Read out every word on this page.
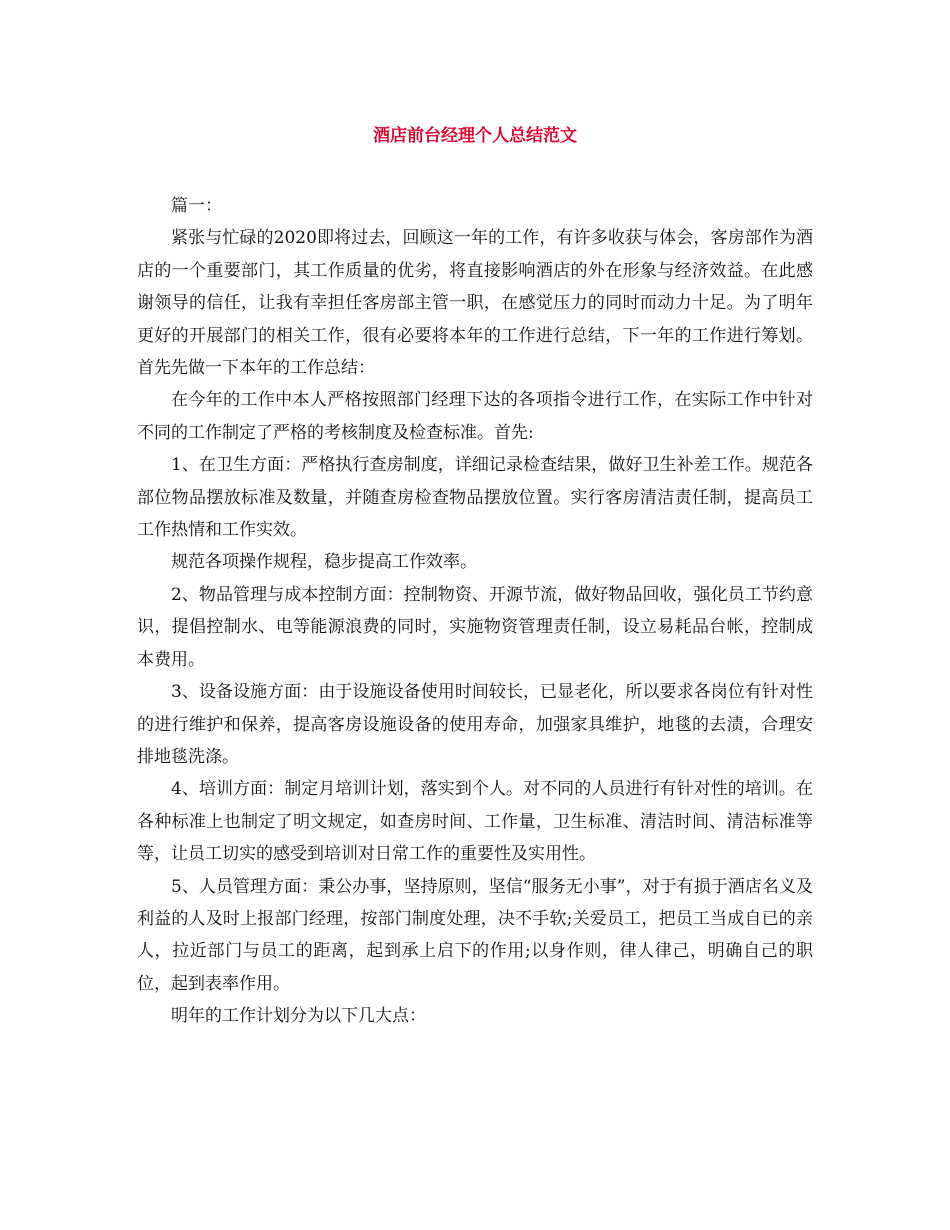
酒店前台经理个人总结范文

篇一：

紧张与忙碌的2020即将过去，回顾这一年的工作，有许多收获与体会，客房部作为酒店的一个重要部门，其工作质量的优劣，将直接影响酒店的外在形象与经济效益。在此感谢领导的信任，让我有幸担任客房部主管一职，在感觉压力的同时而动力十足。为了明年更好的开展部门的相关工作，很有必要将本年的工作进行总结，下一年的工作进行筹划。首先先做一下本年的工作总结：

在今年的工作中本人严格按照部门经理下达的各项指令进行工作，在实际工作中针对不同的工作制定了严格的考核制度及检查标准。首先:

1、在卫生方面：严格执行查房制度，详细记录检查结果，做好卫生补差工作。规范各部位物品摆放标准及数量，并随查房检查物品摆放位置。实行客房清洁责任制，提高员工工作热情和工作实效。

规范各项操作规程，稳步提高工作效率。

2、物品管理与成本控制方面：控制物资、开源节流，做好物品回收，强化员工节约意识，提倡控制水、电等能源浪费的同时，实施物资管理责任制，设立易耗品台帐，控制成本费用。

3、设备设施方面：由于设施设备使用时间较长，已显老化，所以要求各岗位有针对性的进行维护和保养，提高客房设施设备的使用寿命，加强家具维护，地毯的去渍，合理安排地毯洗涤。

4、培训方面：制定月培训计划，落实到个人。对不同的人员进行有针对性的培训。在各种标准上也制定了明文规定，如查房时间、工作量，卫生标准、清洁时间、清洁标准等等，让员工切实的感受到培训对日常工作的重要性及实用性。

5、人员管理方面：秉公办事，坚持原则，坚信“服务无小事”，对于有损于酒店名义及利益的人及时上报部门经理，按部门制度处理，决不手软;关爱员工，把员工当成自已的亲人，拉近部门与员工的距离，起到承上启下的作用;以身作则，律人律己，明确自己的职位，起到表率作用。

明年的工作计划分为以下几大点：
